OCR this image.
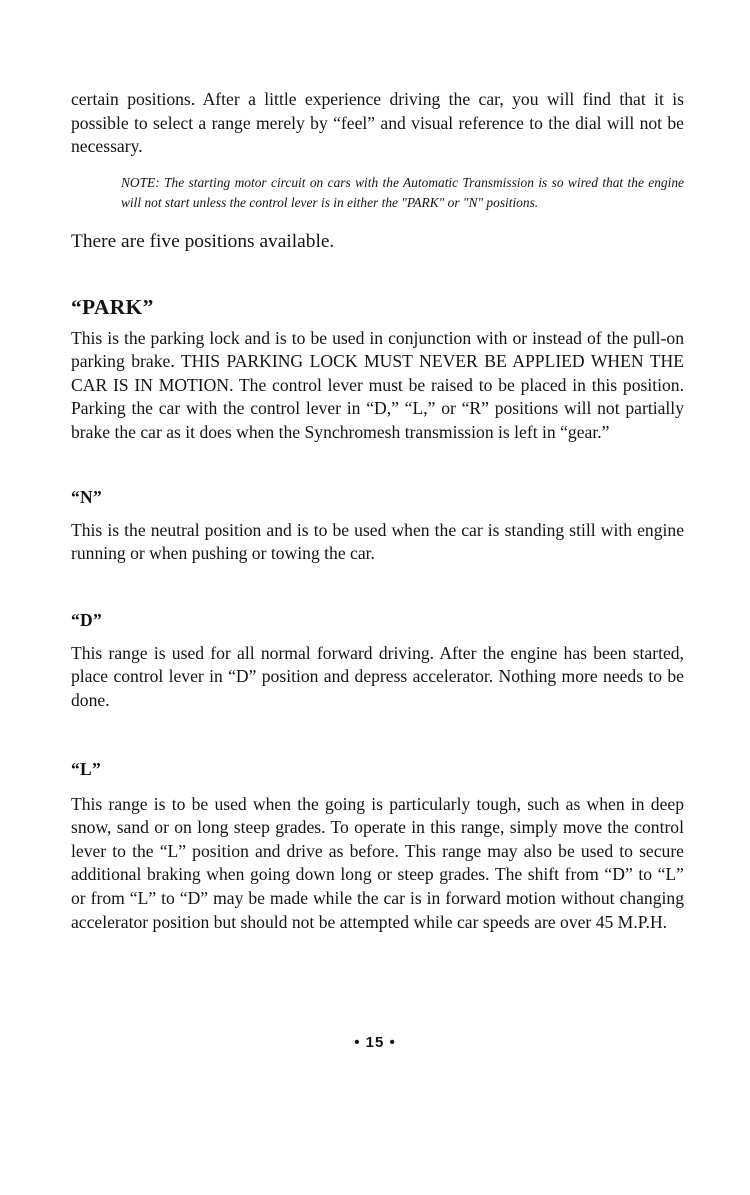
certain positions. After a little experience driving the car, you will find that it is possible to select a range merely by “feel” and visual reference to the dial will not be necessary.

NOTE: The starting motor circuit on cars with the Automatic Transmission is so wired that the engine will not start unless the control lever is in either the "PARK" or "N" positions.

There are five positions available.

“PARK”

This is the parking lock and is to be used in conjunction with or instead of the pull-on parking brake. THIS PARKING LOCK MUST NEVER BE APPLIED WHEN THE CAR IS IN MOTION. The control lever must be raised to be placed in this position. Parking the car with the control lever in “D,” “L,” or “R” positions will not partially brake the car as it does when the Synchromesh transmission is left in “gear.”

“N”

This is the neutral position and is to be used when the car is standing still with engine running or when pushing or towing the car.

“D”

This range is used for all normal forward driving. After the engine has been started, place control lever in “D” position and depress accelerator. Nothing more needs to be done.

“L”

This range is to be used when the going is particularly tough, such as when in deep snow, sand or on long steep grades. To operate in this range, simply move the control lever to the “L” position and drive as before. This range may also be used to secure additional braking when going down long or steep grades. The shift from “D” to “L” or from “L” to “D” may be made while the car is in forward motion without changing accelerator position but should not be attempted while car speeds are over 45 M.P.H.

• 15 •
